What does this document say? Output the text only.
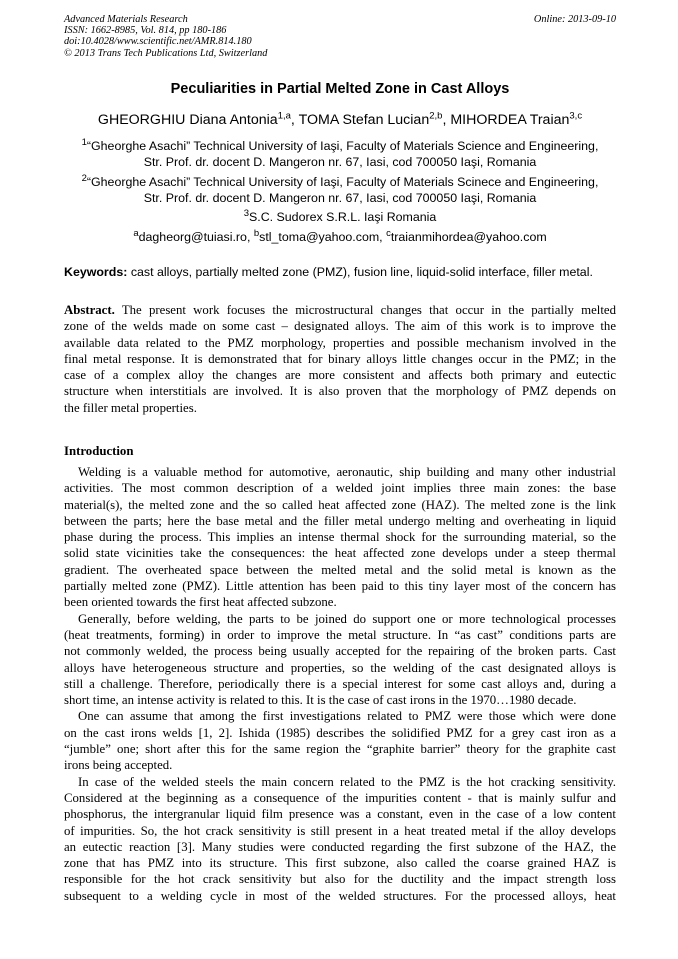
Advanced Materials Research
ISSN: 1662-8985, Vol. 814, pp 180-186
doi:10.4028/www.scientific.net/AMR.814.180
© 2013 Trans Tech Publications Ltd, Switzerland
Online: 2013-09-10
Peculiarities in Partial Melted Zone in Cast Alloys
GHEORGHIU Diana Antonia$^{1,a}$, TOMA Stefan Lucian$^{2,b}$, MIHORDEA Traian$^{3,c}$
$^1$“Gheorghe Asachi” Technical University of Iaşi, Faculty of Materials Science and Engineering,
Str. Prof. dr. docent D. Mangeron nr. 67, Iasi, cod 700050 Iaşi, Romania
$^2$“Gheorghe Asachi” Technical University of Iaşi, Faculty of Materials Scinece and Engineering,
Str. Prof. dr. docent D. Mangeron nr. 67, Iasi, cod 700050 Iaşi, Romania
$^3$S.C. Sudorex S.R.L. Iaşi Romania
$^a$dagheorg@tuiasi.ro, $^b$stl_toma@yahoo.com, $^c$traianmihordea@yahoo.com
Keywords: cast alloys, partially melted zone (PMZ), fusion line, liquid-solid interface, filler metal.
Abstract. The present work focuses the microstructural changes that occur in the partially melted
zone of the welds made on some cast – designated alloys. The aim of this work is to improve the
available data related to the PMZ morphology, properties and possible mechanism involved in the
final metal response. It is demonstrated that for binary alloys little changes occur in the PMZ; in the
case of a complex alloy the changes are more consistent and affects both primary and eutectic
structure when interstitials are involved. It is also proven that the morphology of PMZ depends on
the filler metal properties.
Introduction
Welding is a valuable method for automotive, aeronautic, ship building and many other industrial
activities. The most common description of a welded joint implies three main zones: the base
material(s), the melted zone and the so called heat affected zone (HAZ). The melted zone is the link
between the parts; here the base metal and the filler metal undergo melting and overheating in liquid
phase during the process. This implies an intense thermal shock for the surrounding material, so the
solid state vicinities take the consequences: the heat affected zone develops under a steep thermal
gradient. The overheated space between the melted metal and the solid metal is known as the
partially melted zone (PMZ). Little attention has been paid to this tiny layer most of the concern has
been oriented towards the first heat affected subzone.
Generally, before welding, the parts to be joined do support one or more technological processes
(heat treatments, forming) in order to improve the metal structure. In “as cast” conditions parts are
not commonly welded, the process being usually accepted for the repairing of the broken parts. Cast
alloys have heterogeneous structure and properties, so the welding of the cast designated alloys is
still a challenge. Therefore, periodically there is a special interest for some cast alloys and, during a
short time, an intense activity is related to this. It is the case of cast irons in the 1970…1980 decade.
One can assume that among the first investigations related to PMZ were those which were done
on the cast irons welds [1, 2]. Ishida (1985) describes the solidified PMZ for a grey cast iron as a
“jumble” one; short after this for the same region the “graphite barrier” theory for the graphite cast
irons being accepted.
In case of the welded steels the main concern related to the PMZ is the hot cracking sensitivity.
Considered at the beginning as a consequence of the impurities content - that is mainly sulfur and
phosphorus, the intergranular liquid film presence was a constant, even in the case of a low content
of impurities. So, the hot crack sensitivity is still present in a heat treated metal if the alloy develops
an eutectic reaction [3]. Many studies were conducted regarding the first subzone of the HAZ, the
zone that has PMZ into its structure. This first subzone, also called the coarse grained HAZ is
responsible for the hot crack sensitivity but also for the ductility and the impact strength loss
subsequent to a welding cycle in most of the welded structures. For the processed alloys, heat
